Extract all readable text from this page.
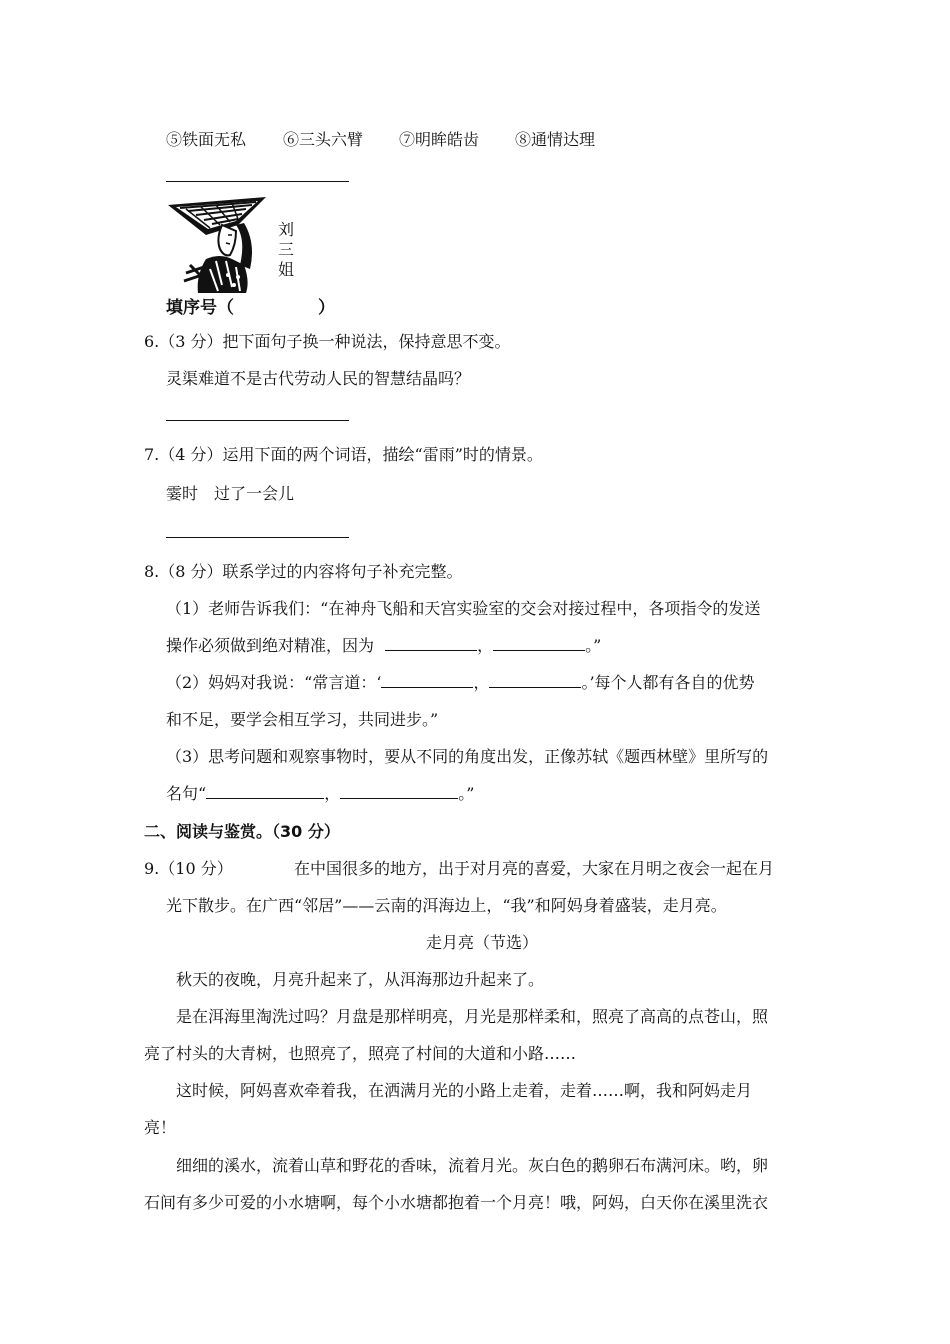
⑤铁面无私 ⑥三头六臂 ⑦明眸皓齿 ⑧通情达理
刘
三
姐
填序号（	）
6.（3 分）把下面句子换一种说法，保持意思不变。
灵渠难道不是古代劳动人民的智慧结晶吗？
7.（4 分）运用下面的两个词语，描绘“雷雨”时的情景。
霎时　过了一会儿
8.（8 分）联系学过的内容将句子补充完整。
（1）老师告诉我们：“在神舟飞船和天宫实验室的交会对接过程中，各项指令的发送
操作必须做到绝对精准，因为	，	。”
（2）妈妈对我说：“常言道：‘	，	。’每个人都有各自的优势
和不足，要学会相互学习，共同进步。”
（3）思考问题和观察事物时，要从不同的角度出发，正像苏轼《题西林壁》里所写的
名句“	，	。”
二、阅读与鉴赏。（30 分）
9.（10 分）	在中国很多的地方，出于对月亮的喜爱，大家在月明之夜会一起在月
光下散步。在广西“邻居”——云南的洱海边上，“我”和阿妈身着盛装，走月亮。
走月亮（节选）
秋天的夜晚，月亮升起来了，从洱海那边升起来了。
是在洱海里淘洗过吗？月盘是那样明亮，月光是那样柔和，照亮了高高的点苍山，照
亮了村头的大青树，也照亮了，照亮了村间的大道和小路……
这时候，阿妈喜欢牵着我，在洒满月光的小路上走着，走着……啊，我和阿妈走月
亮！
细细的溪水，流着山草和野花的香味，流着月光。灰白色的鹅卵石布满河床。哟，卵
石间有多少可爱的小水塘啊，每个小水塘都抱着一个月亮！哦，阿妈，白天你在溪里洗衣
